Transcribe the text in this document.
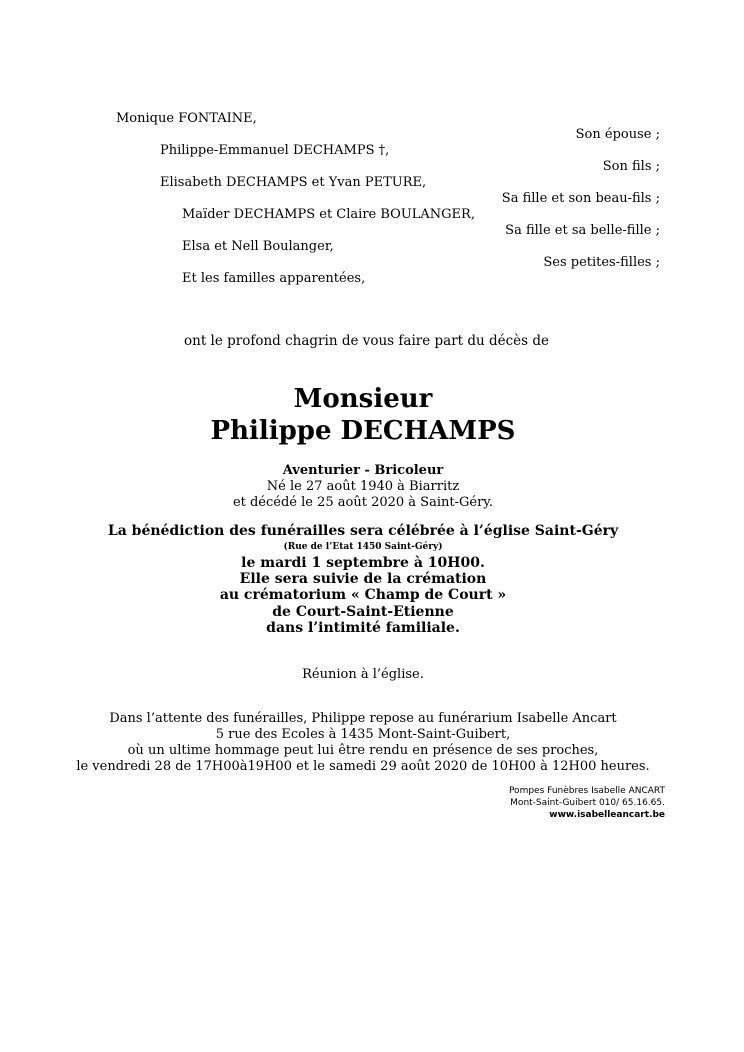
Monique FONTAINE,
Son épouse ;
Philippe-Emmanuel DECHAMPS †,
Son fils ;
Elisabeth DECHAMPS et Yvan PETURE,
Sa fille et son beau-fils ;
Maïder DECHAMPS et Claire BOULANGER,
Sa fille et sa belle-fille ;
Elsa et Nell Boulanger,
Ses petites-filles ;
Et les familles apparentées,
ont le profond chagrin de vous faire part du décès de
Monsieur
Philippe DECHAMPS
Aventurier - Bricoleur
Né le 27 août 1940 à Biarritz
et décédé le 25 août 2020 à Saint-Géry.
La bénédiction des funérailles sera célébrée à l’église Saint-Géry
(Rue de l’Etat 1450 Saint-Géry)
le mardi 1 septembre à 10H00.
Elle sera suivie de la crémation
au crématorium « Champ de Court »
de Court-Saint-Etienne
dans l’intimité familiale.
Réunion à l’église.
Dans l’attente des funérailles, Philippe repose au funérarium Isabelle Ancart
5 rue des Ecoles à 1435 Mont-Saint-Guibert,
où un ultime hommage peut lui être rendu en présence de ses proches,
le vendredi 28 de 17H00à19H00 et le samedi 29 août 2020 de 10H00 à 12H00 heures.
Pompes Funèbres Isabelle ANCART
Mont-Saint-Guibert 010/ 65.16.65.
www.isabelleancart.be
